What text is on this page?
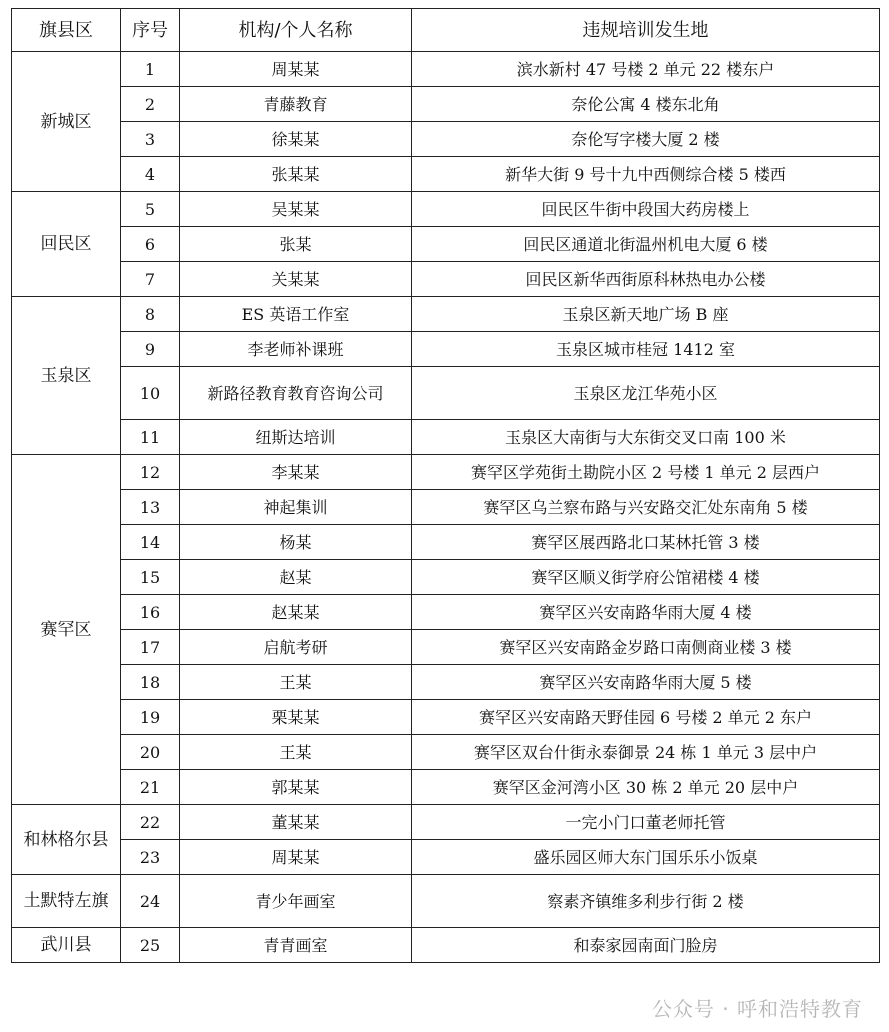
旗县区	序号	机构/个人名称	违规培训发生地
新城区	1	周某某	滨水新村 47 号楼 2 单元 22 楼东户
	2	青藤教育	奈伦公寓 4 楼东北角
	3	徐某某	奈伦写字楼大厦 2 楼
	4	张某某	新华大街 9 号十九中西侧综合楼 5 楼西
回民区	5	吴某某	回民区牛街中段国大药房楼上
	6	张某	回民区通道北街温州机电大厦 6 楼
	7	关某某	回民区新华西街原科林热电办公楼
玉泉区	8	ES 英语工作室	玉泉区新天地广场 B 座
	9	李老师补课班	玉泉区城市桂冠 1412 室
	10	新路径教育教育咨询公司	玉泉区龙江华苑小区
	11	纽斯达培训	玉泉区大南街与大东街交叉口南 100 米
赛罕区	12	李某某	赛罕区学苑街土勘院小区 2 号楼 1 单元 2 层西户
	13	神起集训	赛罕区乌兰察布路与兴安路交汇处东南角 5 楼
	14	杨某	赛罕区展西路北口某林托管 3 楼
	15	赵某	赛罕区顺义街学府公馆裙楼 4 楼
	16	赵某某	赛罕区兴安南路华雨大厦 4 楼
	17	启航考研	赛罕区兴安南路金岁路口南侧商业楼 3 楼
	18	王某	赛罕区兴安南路华雨大厦 5 楼
	19	栗某某	赛罕区兴安南路天野佳园 6 号楼 2 单元 2 东户
	20	王某	赛罕区双台什街永泰御景 24 栋 1 单元 3 层中户
	21	郭某某	赛罕区金河湾小区 30 栋 2 单元 20 层中户
和林格尔县	22	董某某	一完小门口董老师托管
	23	周某某	盛乐园区师大东门国乐乐小饭桌
土默特左旗	24	青少年画室	察素齐镇维多利步行街 2 楼
武川县	25	青青画室	和泰家园南面门脸房
公众号 · 呼和浩特教育
